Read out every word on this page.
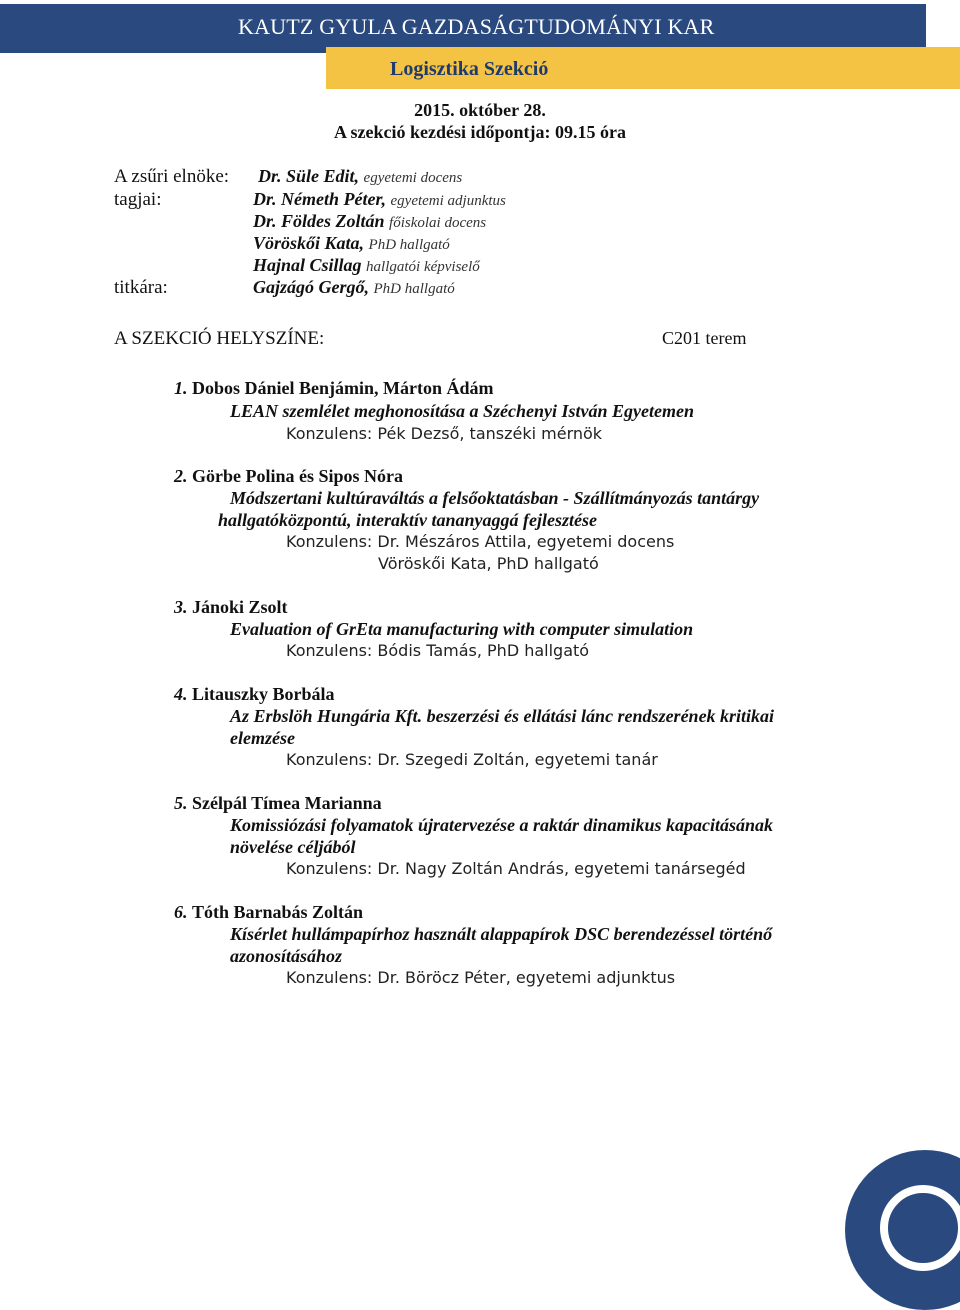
KAUTZ GYULA GAZDASÁGTUDOMÁNYI KAR
Logisztika Szekció
2015. október 28.
A szekció kezdési időpontja: 09.15 óra
A zsűri elnöke: Dr. Süle Edit, egyetemi docens
tagjai:	Dr. Németh Péter, egyetemi adjunktus
Dr. Földes Zoltán főiskolai docens
Vöröskői Kata, PhD hallgató
Hajnal Csillag hallgatói képviselő
titkára:	Gajzágó Gergő, PhD hallgató
A SZEKCIÓ HELYSZÍNE:	C201 terem
1. Dobos Dániel Benjámin, Márton Ádám
LEAN szemlélet meghonosítása a Széchenyi István Egyetemen
Konzulens: Pék Dezső, tanszéki mérnök
2. Görbe Polina és Sipos Nóra
Módszertani kultúraváltás a felsőoktatásban - Szállítmányozás tantárgy
hallgatóközpontú, interaktív tananyaggá fejlesztése
Konzulens: Dr. Mészáros Attila, egyetemi docens
Vöröskői Kata, PhD hallgató
3. Jánoki Zsolt
Evaluation of GrEta manufacturing with computer simulation
Konzulens: Bódis Tamás, PhD hallgató
4. Litauszky Borbála
Az Erbslöh Hungária Kft. beszerzési és ellátási lánc rendszerének kritikai
elemzése
Konzulens: Dr. Szegedi Zoltán, egyetemi tanár
5. Szélpál Tímea Marianna
Komissiózási folyamatok újratervezése a raktár dinamikus kapacitásának
növelése céljából
Konzulens: Dr. Nagy Zoltán András, egyetemi tanársegéd
6. Tóth Barnabás Zoltán
Kísérlet hullámpapírhoz használt alappapírok DSC berendezéssel történő
azonosításához
Konzulens: Dr. Böröcz Péter, egyetemi adjunktus
